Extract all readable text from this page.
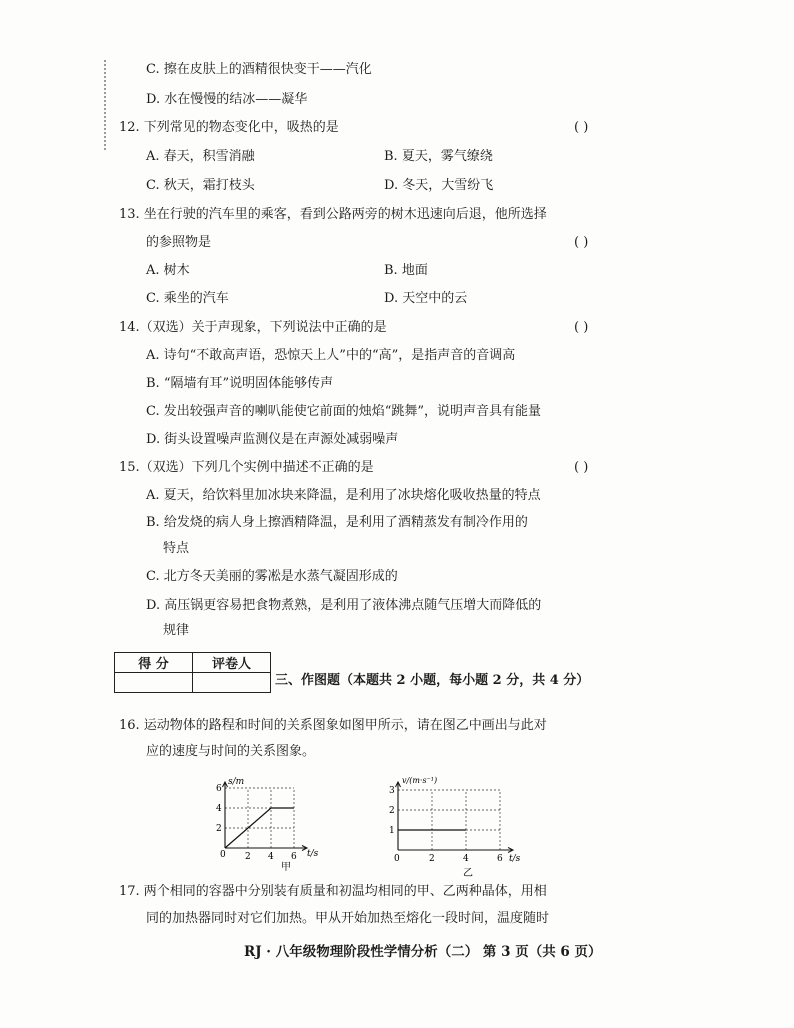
C. 擦在皮肤上的酒精很快变干——汽化
D. 水在慢慢的结冰——凝华
12. 下列常见的物态变化中，吸热的是	( )
A. 春天，积雪消融	B. 夏天，雾气缭绕
C. 秋天，霜打枝头	D. 冬天，大雪纷飞
13. 坐在行驶的汽车里的乘客，看到公路两旁的树木迅速向后退，他所选择
的参照物是	( )
A. 树木	B. 地面
C. 乘坐的汽车	D. 天空中的云
14.（双选）关于声现象，下列说法中正确的是	( )
A. 诗句“不敢高声语，恐惊天上人”中的“高”，是指声音的音调高
B. “隔墙有耳”说明固体能够传声
C. 发出较强声音的喇叭能使它前面的烛焰“跳舞”，说明声音具有能量
D. 街头设置噪声监测仪是在声源处减弱噪声
15.（双选）下列几个实例中描述不正确的是	( )
A. 夏天，给饮料里加冰块来降温，是利用了冰块熔化吸收热量的特点
B. 给发烧的病人身上擦酒精降温，是利用了酒精蒸发有制冷作用的
特点
C. 北方冬天美丽的雾凇是水蒸气凝固形成的
D. 高压锅更容易把食物煮熟，是利用了液体沸点随气压增大而降低的
规律
得 分	评卷人

三、作图题（本题共 2 小题，每小题 2 分，共 4 分）
16. 运动物体的路程和时间的关系图象如图甲所示，请在图乙中画出与此对
应的速度与时间的关系图象。
s/m
t/s
0
甲
2 4 6
2
4
6
v/(m·s⁻¹)
t/s
0
乙
2	4	6
1
2
3
17. 两个相同的容器中分别装有质量和初温均相同的甲、乙两种晶体，用相
同的加热器同时对它们加热。甲从开始加热至熔化一段时间，温度随时
RJ · 八年级物理阶段性学情分析（二） 第 3 页（共 6 页）
